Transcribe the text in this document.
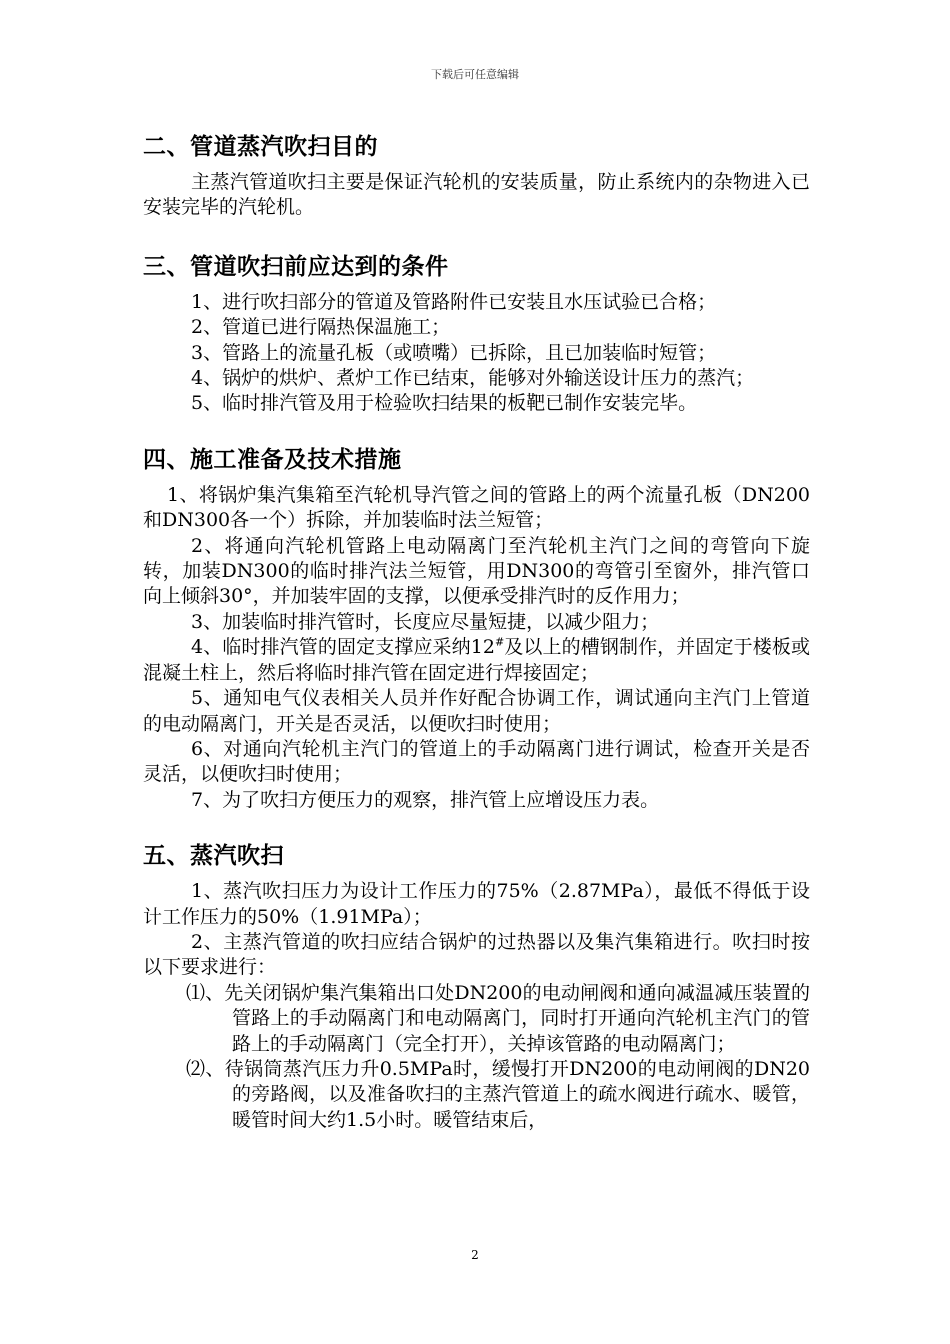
下载后可任意编辑
二、管道蒸汽吹扫目的

主蒸汽管道吹扫主要是保证汽轮机的安装质量，防止系统内的杂物进入已安装完毕的汽轮机。

三、管道吹扫前应达到的条件

1、进行吹扫部分的管道及管路附件已安装且水压试验已合格；

2、管道已进行隔热保温施工；

3、管路上的流量孔板（或喷嘴）已拆除，且已加装临时短管；

4、锅炉的烘炉、煮炉工作已结束，能够对外输送设计压力的蒸汽；

5、临时排汽管及用于检验吹扫结果的板靶已制作安装完毕。

四、施工准备及技术措施

1、将锅炉集汽集箱至汽轮机导汽管之间的管路上的两个流量孔板（DN200和DN300各一个）拆除，并加装临时法兰短管；

2、将通向汽轮机管路上电动隔离门至汽轮机主汽门之间的弯管向下旋转，加装DN300的临时排汽法兰短管，用DN300的弯管引至窗外，排汽管口向上倾斜30°，并加装牢固的支撑，以便承受排汽时的反作用力；

3、加装临时排汽管时，长度应尽量短捷，以减少阻力；

4、临时排汽管的固定支撑应采纳12#及以上的槽钢制作，并固定于楼板或混凝土柱上，然后将临时排汽管在固定进行焊接固定；

5、通知电气仪表相关人员并作好配合协调工作，调试通向主汽门上管道的电动隔离门，开关是否灵活，以便吹扫时使用；

6、对通向汽轮机主汽门的管道上的手动隔离门进行调试，检查开关是否灵活，以便吹扫时使用；

7、为了吹扫方便压力的观察，排汽管上应增设压力表。

五、蒸汽吹扫

1、蒸汽吹扫压力为设计工作压力的75%（2.87MPa），最低不得低于设计工作压力的50%（1.91MPa）；

2、主蒸汽管道的吹扫应结合锅炉的过热器以及集汽集箱进行。吹扫时按以下要求进行：

⑴、先关闭锅炉集汽集箱出口处DN200的电动闸阀和通向减温减压装置的管路上的手动隔离门和电动隔离门，同时打开通向汽轮机主汽门的管路上的手动隔离门（完全打开），关掉该管路的电动隔离门；

⑵、待锅筒蒸汽压力升0.5MPa时，缓慢打开DN200的电动闸阀的DN20的旁路阀，以及准备吹扫的主蒸汽管道上的疏水阀进行疏水、暖管，暖管时间大约1.5小时。暖管结束后，

2
